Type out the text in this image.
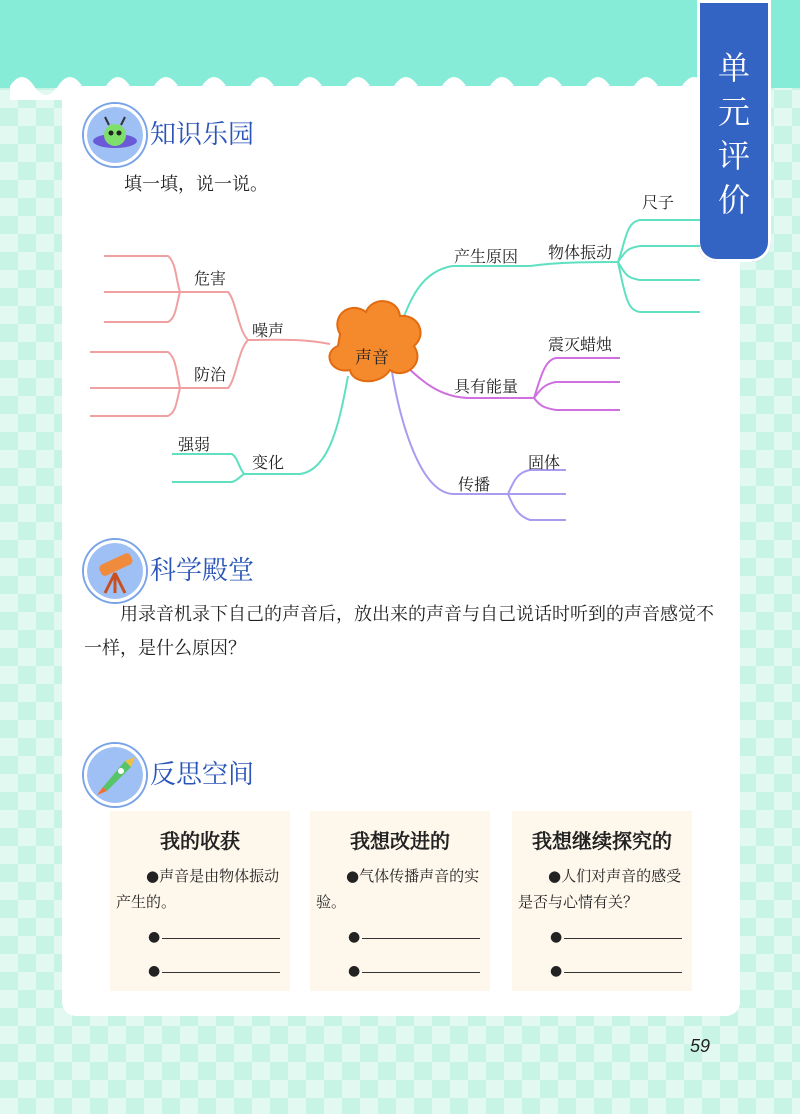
单
元
评
价
知识乐园
填一填，说一说。
声音
噪声
危害
防治
变化
强弱
产生原因 物体振动
尺子
具有能量
震灭蜡烛
传播
固体
科学殿堂
用录音机录下自己的声音后，放出来的声音与自己说话时听到的声音感觉不一样，是什么原因？
反思空间
我的收获
●声音是由物体振动产生的。
●
●
我想改进的
●气体传播声音的实验。
●
●
我想继续探究的
●人们对声音的感受是否与心情有关？
●
●
59
